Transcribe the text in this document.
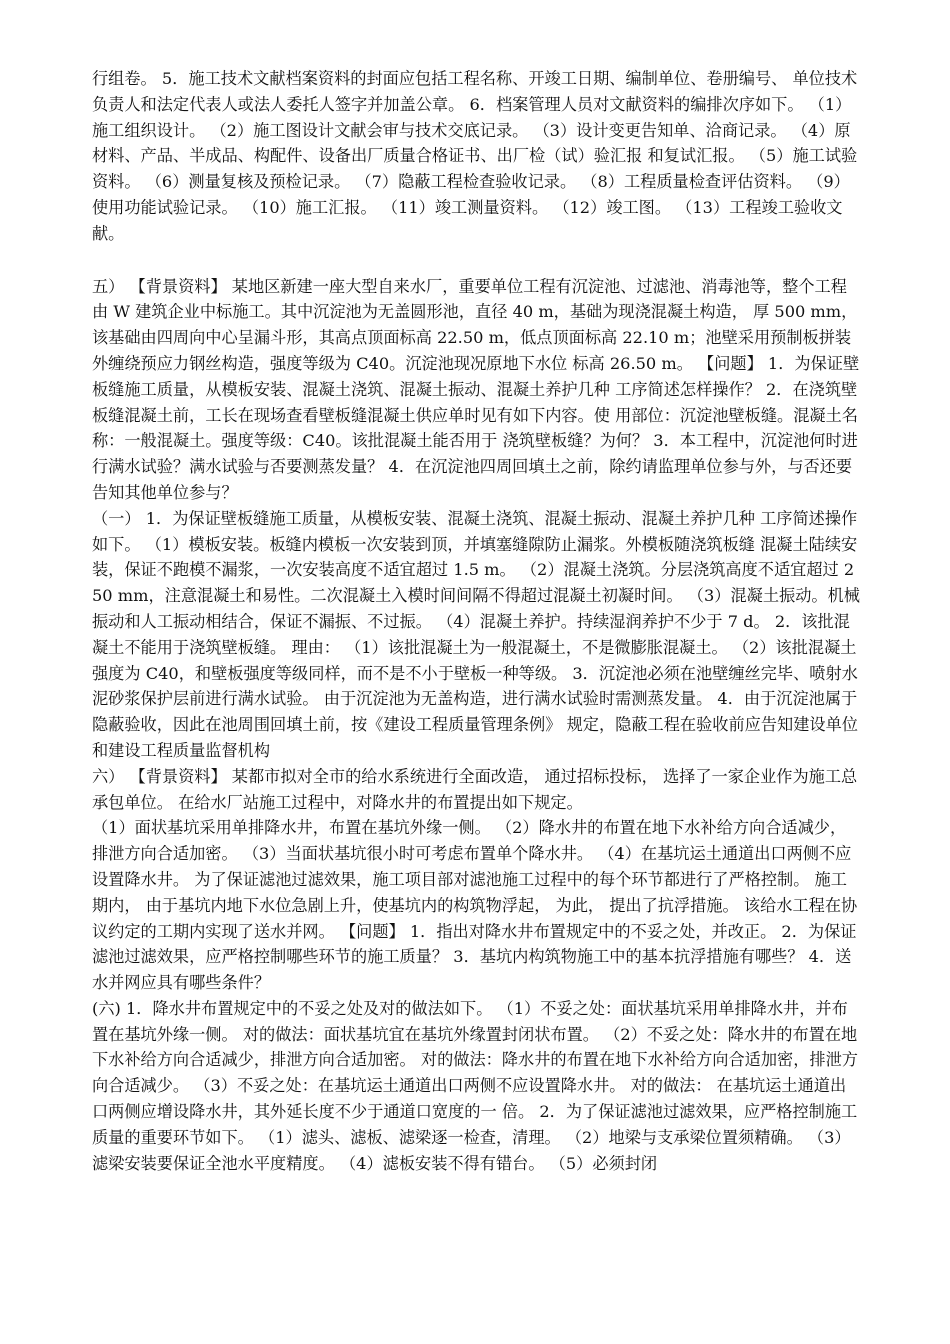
行组卷。 5．施工技术文献档案资料的封面应包括工程名称、开竣工日期、编制单位、卷册编号、 单位技术负责人和法定代表人或法人委托人签字并加盖公章。 6．档案管理人员对文献资料的编排次序如下。 （1）施工组织设计。 （2）施工图设计文献会审与技术交底记录。 （3）设计变更告知单、洽商记录。 （4）原材料、产品、半成品、构配件、设备出厂质量合格证书、出厂检（试）验汇报 和复试汇报。 （5）施工试验资料。 （6）测量复核及预检记录。 （7）隐蔽工程检查验收记录。 （8）工程质量检查评估资料。 （9）使用功能试验记录。 （10）施工汇报。 （11）竣工测量资料。 （12）竣工图。 （13）工程竣工验收文献。

五） 【背景资料】 某地区新建一座大型自来水厂，重要单位工程有沉淀池、过滤池、消毒池等，整个工程 由 W 建筑企业中标施工。其中沉淀池为无盖圆形池，直径 40 m，基础为现浇混凝土构造， 厚 500 mm，该基础由四周向中心呈漏斗形，其高点顶面标高 22.50 m，低点顶面标高 22.10 m；池壁采用预制板拼装外缠绕预应力钢丝构造，强度等级为 C40。沉淀池现况原地下水位 标高 26.50 m。 【问题】 1．为保证壁板缝施工质量，从模板安装、混凝土浇筑、混凝土振动、混凝土养护几种 工序简述怎样操作？ 2．在浇筑壁板缝混凝土前，工长在现场查看壁板缝混凝土供应单时见有如下内容。使 用部位：沉淀池壁板缝。混凝土名称：一般混凝土。强度等级：C40。该批混凝土能否用于 浇筑壁板缝？为何？ 3．本工程中，沉淀池何时进行满水试验？满水试验与否要测蒸发量？ 4．在沉淀池四周回填土之前，除约请监理单位参与外，与否还要告知其他单位参与？

（一） 1．为保证壁板缝施工质量，从模板安装、混凝土浇筑、混凝土振动、混凝土养护几种 工序简述操作如下。 （1）模板安装。板缝内模板一次安装到顶，并填塞缝隙防止漏浆。外模板随浇筑板缝 混凝土陆续安装，保证不跑模不漏浆，一次安装高度不适宜超过 1.5 m。 （2）混凝土浇筑。分层浇筑高度不适宜超过 250 mm，注意混凝土和易性。二次混凝土入模时间间隔不得超过混凝土初凝时间。 （3）混凝土振动。机械振动和人工振动相结合，保证不漏振、不过振。 （4）混凝土养护。持续湿润养护不少于 7 d。 2．该批混凝土不能用于浇筑壁板缝。 理由： （1）该批混凝土为一般混凝土，不是微膨胀混凝土。 （2）该批混凝土强度为 C40，和壁板强度等级同样，而不是不小于壁板一种等级。 3．沉淀池必须在池壁缠丝完毕、喷射水泥砂浆保护层前进行满水试验。 由于沉淀池为无盖构造，进行满水试验时需测蒸发量。 4．由于沉淀池属于隐蔽验收，因此在池周围回填土前，按《建设工程质量管理条例》 规定，隐蔽工程在验收前应告知建设单位和建设工程质量监督机构

六） 【背景资料】 某都市拟对全市的给水系统进行全面改造， 通过招标投标， 选择了一家企业作为施工总 承包单位。 在给水厂站施工过程中，对降水井的布置提出如下规定。

（1）面状基坑采用单排降水井，布置在基坑外缘一侧。 （2）降水井的布置在地下水补给方向合适减少，排泄方向合适加密。 （3）当面状基坑很小时可考虑布置单个降水井。 （4）在基坑运土通道出口两侧不应设置降水井。 为了保证滤池过滤效果，施工项目部对滤池施工过程中的每个环节都进行了严格控制。 施工期内， 由于基坑内地下水位急剧上升，使基坑内的构筑物浮起， 为此， 提出了抗浮措施。 该给水工程在协议约定的工期内实现了送水并网。 【问题】 1．指出对降水井布置规定中的不妥之处，并改正。 2．为保证滤池过滤效果，应严格控制哪些环节的施工质量？ 3．基坑内构筑物施工中的基本抗浮措施有哪些？ 4．送水并网应具有哪些条件？

(六) 1．降水井布置规定中的不妥之处及对的做法如下。 （1）不妥之处：面状基坑采用单排降水井，并布置在基坑外缘一侧。 对的做法：面状基坑宜在基坑外缘置封闭状布置。 （2）不妥之处：降水井的布置在地下水补给方向合适减少，排泄方向合适加密。 对的做法：降水井的布置在地下水补给方向合适加密，排泄方向合适减少。 （3）不妥之处：在基坑运土通道出口两侧不应设置降水井。 对的做法： 在基坑运土通道出口两侧应增设降水井，其外延长度不少于通道口宽度的一 倍。 2．为了保证滤池过滤效果，应严格控制施工质量的重要环节如下。 （1）滤头、滤板、滤梁逐一检查，清理。 （2）地梁与支承梁位置须精确。 （3）滤梁安装要保证全池水平度精度。 （4）滤板安装不得有错台。 （5）必须封闭
